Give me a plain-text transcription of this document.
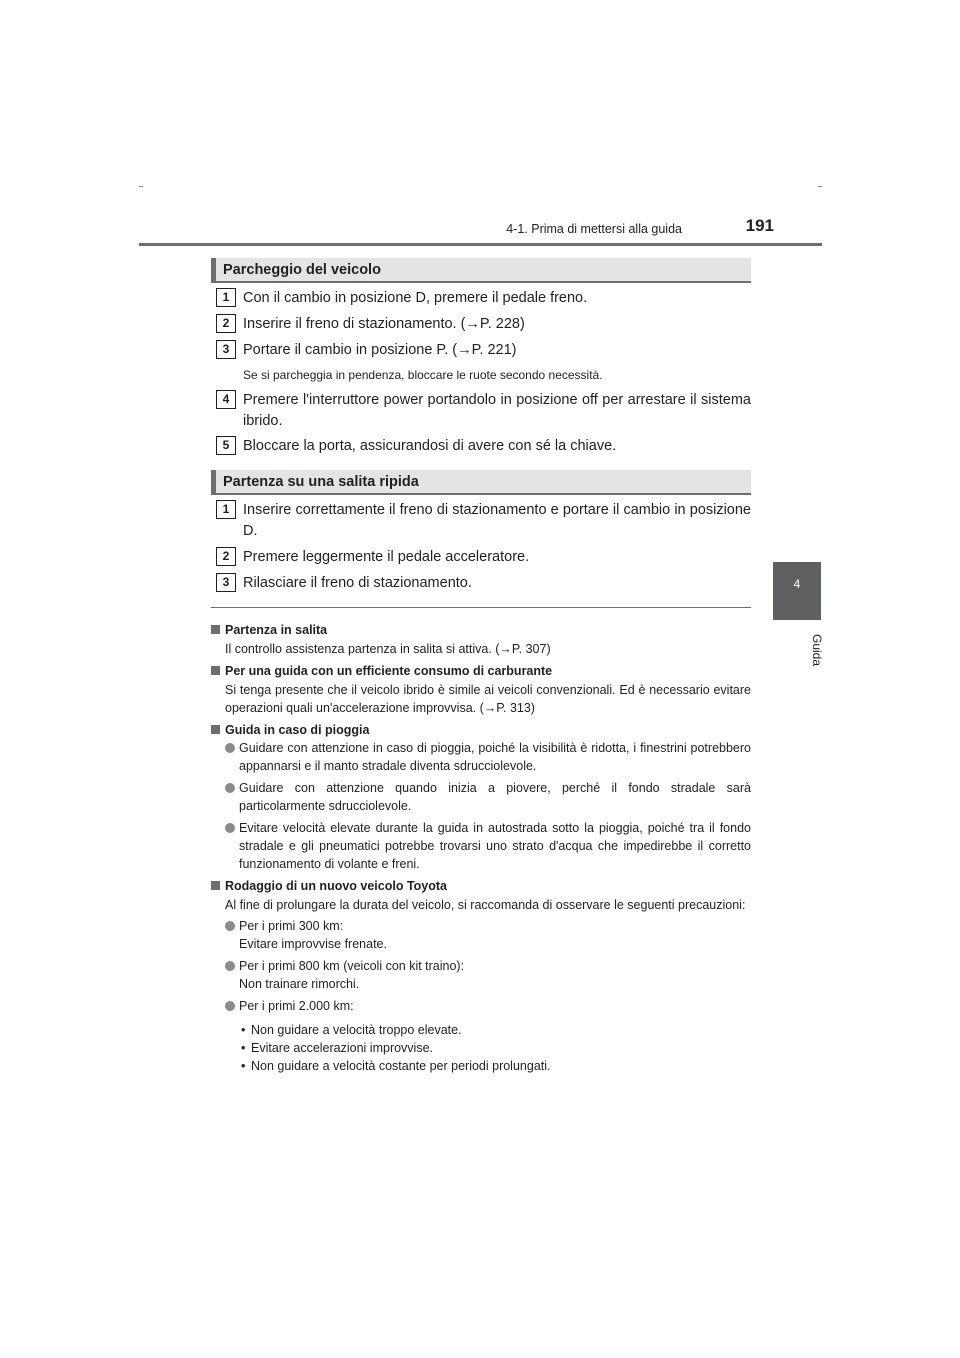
4-1. Prima di mettersi alla guida	191
4
Guida
Parcheggio del veicolo
1 Con il cambio in posizione D, premere il pedale freno.
2 Inserire il freno di stazionamento. (→P. 228)
3 Portare il cambio in posizione P. (→P. 221)
Se si parcheggia in pendenza, bloccare le ruote secondo necessità.
4 Premere l'interruttore power portandolo in posizione off per arrestare il sistema ibrido.
5 Bloccare la porta, assicurandosi di avere con sé la chiave.
Partenza su una salita ripida
1 Inserire correttamente il freno di stazionamento e portare il cambio in posizione D.
2 Premere leggermente il pedale acceleratore.
3 Rilasciare il freno di stazionamento.
Partenza in salita
Il controllo assistenza partenza in salita si attiva. (→P. 307)
Per una guida con un efficiente consumo di carburante
Si tenga presente che il veicolo ibrido è simile ai veicoli convenzionali. Ed è necessario evitare operazioni quali un'accelerazione improvvisa. (→P. 313)
Guida in caso di pioggia
Guidare con attenzione in caso di pioggia, poiché la visibilità è ridotta, i finestrini potrebbero appannarsi e il manto stradale diventa sdrucciolevole.
Guidare con attenzione quando inizia a piovere, perché il fondo stradale sarà particolarmente sdrucciolevole.
Evitare velocità elevate durante la guida in autostrada sotto la pioggia, poiché tra il fondo stradale e gli pneumatici potrebbe trovarsi uno strato d'acqua che impedirebbe il corretto funzionamento di volante e freni.
Rodaggio di un nuovo veicolo Toyota
Al fine di prolungare la durata del veicolo, si raccomanda di osservare le seguenti precauzioni:
Per i primi 300 km:
Evitare improvvise frenate.
Per i primi 800 km (veicoli con kit traino):
Non trainare rimorchi.
Per i primi 2.000 km:
• Non guidare a velocità troppo elevate.
• Evitare accelerazioni improvvise.
• Non guidare a velocità costante per periodi prolungati.
